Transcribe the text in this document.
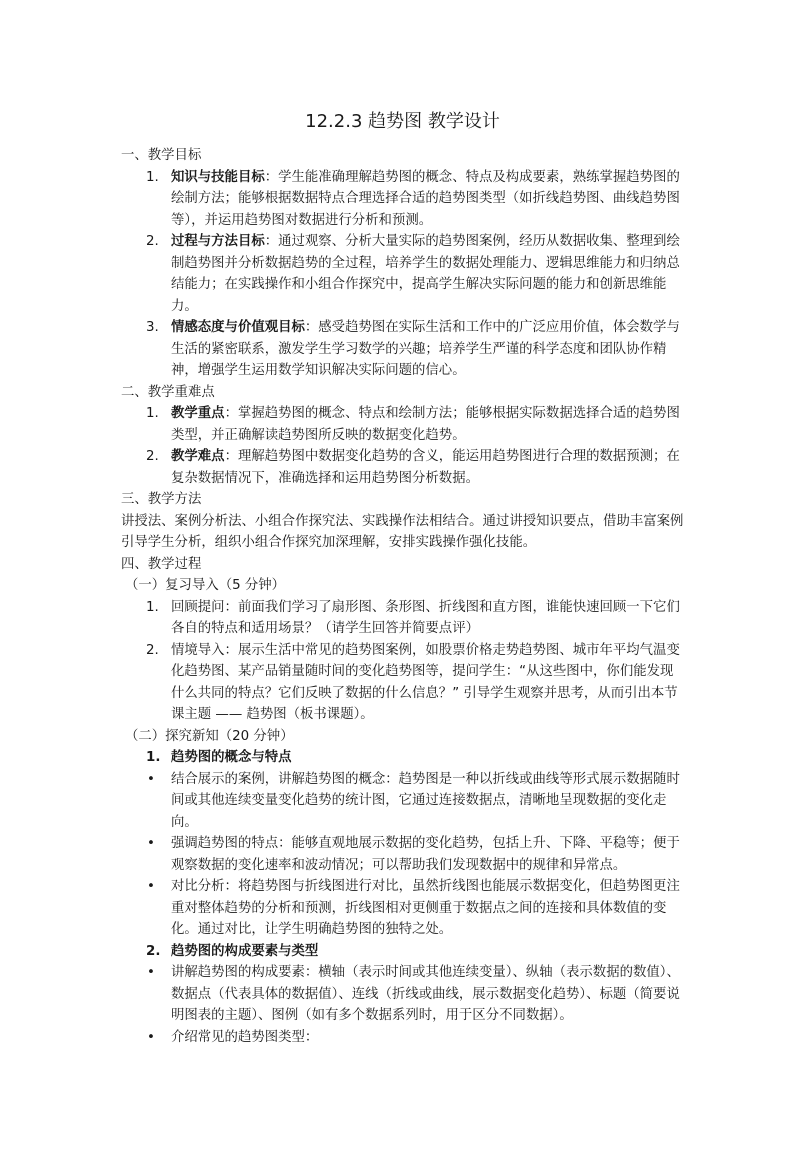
12.2.3 趋势图 教学设计

一、教学目标

1. 知识与技能目标：学生能准确理解趋势图的概念、特点及构成要素，熟练掌握趋势图的绘制方法；能够根据数据特点合理选择合适的趋势图类型（如折线趋势图、曲线趋势图等），并运用趋势图对数据进行分析和预测。

2. 过程与方法目标：通过观察、分析大量实际的趋势图案例，经历从数据收集、整理到绘制趋势图并分析数据趋势的全过程，培养学生的数据处理能力、逻辑思维能力和归纳总结能力；在实践操作和小组合作探究中，提高学生解决实际问题的能力和创新思维能力。

3. 情感态度与价值观目标：感受趋势图在实际生活和工作中的广泛应用价值，体会数学与生活的紧密联系，激发学生学习数学的兴趣；培养学生严谨的科学态度和团队协作精神，增强学生运用数学知识解决实际问题的信心。

二、教学重难点

1. 教学重点：掌握趋势图的概念、特点和绘制方法；能够根据实际数据选择合适的趋势图类型，并正确解读趋势图所反映的数据变化趋势。

2. 教学难点：理解趋势图中数据变化趋势的含义，能运用趋势图进行合理的数据预测；在复杂数据情况下，准确选择和运用趋势图分析数据。

三、教学方法

讲授法、案例分析法、小组合作探究法、实践操作法相结合。通过讲授知识要点，借助丰富案例引导学生分析，组织小组合作探究加深理解，安排实践操作强化技能。

四、教学过程

（一）复习导入（5 分钟）

1. 回顾提问：前面我们学习了扇形图、条形图、折线图和直方图，谁能快速回顾一下它们各自的特点和适用场景？（请学生回答并简要点评）

2. 情境导入：展示生活中常见的趋势图案例，如股票价格走势趋势图、城市年平均气温变化趋势图、某产品销量随时间的变化趋势图等，提问学生：“从这些图中，你们能发现什么共同的特点？它们反映了数据的什么信息？” 引导学生观察并思考，从而引出本节课主题 —— 趋势图（板书课题）。

（二）探究新知（20 分钟）

1. 趋势图的概念与特点

• 结合展示的案例，讲解趋势图的概念：趋势图是一种以折线或曲线等形式展示数据随时间或其他连续变量变化趋势的统计图，它通过连接数据点，清晰地呈现数据的变化走向。

• 强调趋势图的特点：能够直观地展示数据的变化趋势，包括上升、下降、平稳等；便于观察数据的变化速率和波动情况；可以帮助我们发现数据中的规律和异常点。

• 对比分析：将趋势图与折线图进行对比，虽然折线图也能展示数据变化，但趋势图更注重对整体趋势的分析和预测，折线图相对更侧重于数据点之间的连接和具体数值的变化。通过对比，让学生明确趋势图的独特之处。

2. 趋势图的构成要素与类型

• 讲解趋势图的构成要素：横轴（表示时间或其他连续变量）、纵轴（表示数据的数值）、数据点（代表具体的数据值）、连线（折线或曲线，展示数据变化趋势）、标题（简要说明图表的主题）、图例（如有多个数据系列时，用于区分不同数据）。

• 介绍常见的趋势图类型：
